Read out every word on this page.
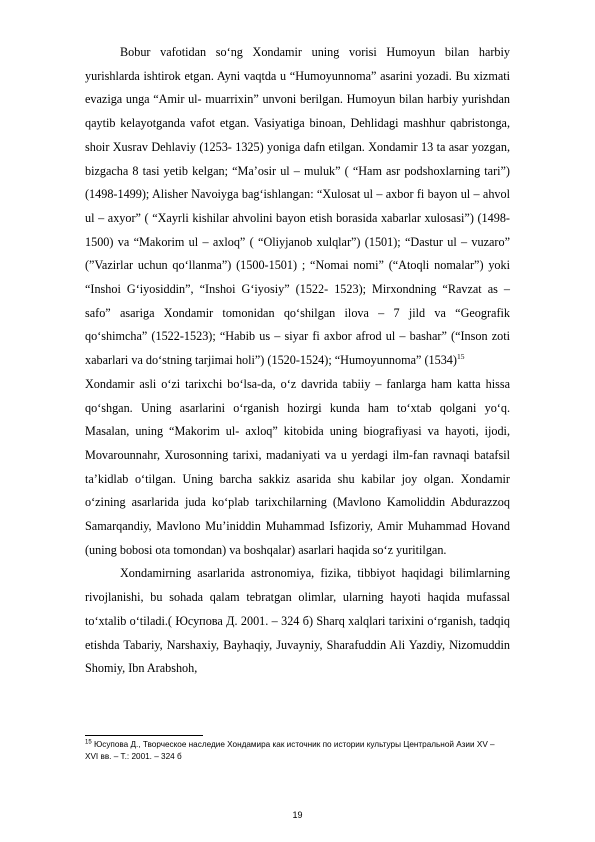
Bobur vafotidan so‘ng Xondamir uning vorisi Humoyun bilan harbiy yurishlarda ishtirok etgan. Ayni vaqtda u “Humoyunnoma” asarini yozadi. Bu xizmati evaziga unga “Amir ul- muarrixin” unvoni berilgan. Humoyun bilan harbiy yurishdan qaytib kelayotganda vafot etgan. Vasiyatiga binoan, Dehlidagi mashhur qabristonga, shoir Xusrav Dehlaviy (1253- 1325) yoniga dafn etilgan. Xondamir 13 ta asar yozgan, bizgacha 8 tasi yetib kelgan; “Ma’osir ul – muluk” ( “Ham asr podshoxlarning tari”)(1498-1499); Alisher Navoiyga bag‘ishlangan: “Xulosat ul – axbor fi bayon ul – ahvol ul – axyor” ( “Xayrli kishilar ahvolini bayon etish borasida xabarlar xulosasi”) (1498-1500) va “Makorim ul – axloq” ( “Oliyjanob xulqlar”) (1501); “Dastur ul – vuzaro” (”Vazirlar uchun qo‘llanma”) (1500-1501) ; “Nomai nomi” (“Atoqli nomalar”) yoki “Inshoi G‘iyosiddin”, “Inshoi G‘iyosiy” (1522- 1523); Mirxondning “Ravzat as – safo” asariga Xondamir tomonidan qo‘shilgan ilova – 7 jild va “Geografik qo‘shimcha” (1522-1523); “Habib us – siyar fi axbor afrod ul – bashar” (“Inson zoti xabarlari va do‘stning tarjimai holi”) (1520-1524); “Humoyunnoma” (1534)$^{15}$

Xondamir asli o‘zi tarixchi bo‘lsa-da, o‘z davrida tabiiy – fanlarga ham katta hissa qo‘shgan. Uning asarlarini o‘rganish hozirgi kunda ham to‘xtab qolgani yo‘q. Masalan, uning “Makorim ul- axloq” kitobida uning biografiyasi va hayoti, ijodi, Movarounnahr, Xurosonning tarixi, madaniyati va u yerdagi ilm-fan ravnaqi batafsil ta’kidlab o‘tilgan. Uning barcha sakkiz asarida shu kabilar joy olgan. Xondamir o‘zining asarlarida juda ko‘plab tarixchilarning (Mavlono Kamoliddin Abdurazzoq Samarqandiy, Mavlono Mu’iniddin Muhammad Isfizoriy, Amir Muhammad Hovand (uning bobosi ota tomondan) va boshqalar) asarlari haqida so‘z yuritilgan.

Xondamirning asarlarida astronomiya, fizika, tibbiyot haqidagi bilimlarning rivojlanishi, bu sohada qalam tebratgan olimlar, ularning hayoti haqida mufassal to‘xtalib o‘tiladi.( Юсупова Д. 2001. – 324 б) Sharq xalqlari tarixini o‘rganish, tadqiq etishda Tabariy, Narshaxiy, Bayhaqiy, Juvayniy, Sharafuddin Ali Yazdiy, Nizomuddin Shomiy, Ibn Arabshoh,

$^{15}$ Юсупова Д., Творческое наследие Хондамира как источник по истории культуры Центральной Азии XV – XVI вв. – Т.: 2001. – 324 б
19
